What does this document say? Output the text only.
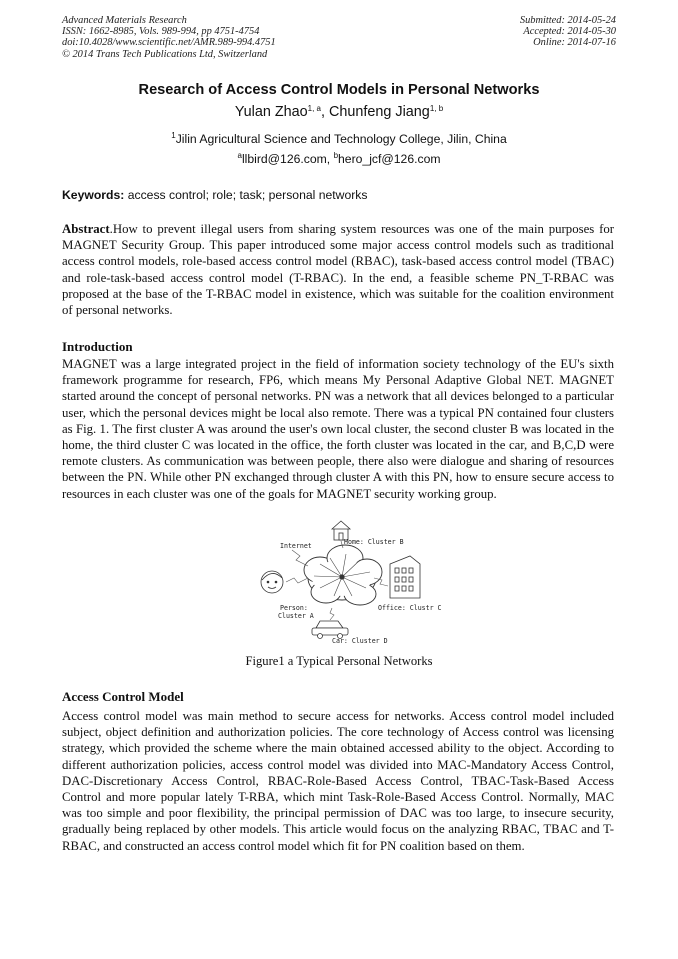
Advanced Materials Research
ISSN: 1662-8985, Vols. 989-994, pp 4751-4754
doi:10.4028/www.scientific.net/AMR.989-994.4751
© 2014 Trans Tech Publications Ltd, Switzerland
Submitted: 2014-05-24
Accepted: 2014-05-30
Online: 2014-07-16
Research of Access Control Models in Personal Networks
Yulan Zhao$^{1, a}$, Chunfeng Jiang$^{1, b}$
$^1$Jilin Agricultural Science and Technology College, Jilin, China
$^a$llbird@126.com, $^b$hero_jcf@126.com
Keywords: access control; role; task; personal networks

Abstract.How to prevent illegal users from sharing system resources was one of the main purposes for MAGNET Security Group. This paper introduced some major access control models such as traditional access control models, role-based access control model (RBAC), task-based access control model (TBAC) and role-task-based access control model (T-RBAC). In the end, a feasible scheme PN_T-RBAC was proposed at the base of the T-RBAC model in existence, which was suitable for the coalition environment of personal networks.

Introduction

MAGNET was a large integrated project in the field of information society technology of the EU's sixth framework programme for research, FP6, which means My Personal Adaptive Global NET. MAGNET started around the concept of personal networks. PN was a network that all devices belonged to a particular user, which the personal devices might be local also remote. There was a typical PN contained four clusters as Fig. 1. The first cluster A was around the user's own local cluster, the second cluster B was located in the home, the third cluster C was located in the office, the forth cluster was located in the car, and B,C,D were remote clusters. As communication was between people, there also were dialogue and sharing of resources between the PN. While other PN exchanged through cluster A with this PN, how to ensure secure access to resources in each cluster was one of the goals for MAGNET security working group.

Internet	Home: Cluster B
Person:
Cluster A
Office: Clustr C
Car: Cluster D
Figure1 a Typical Personal Networks
Access Control Model

Access control model was main method to secure access for networks. Access control model included subject, object definition and authorization policies. The core technology of Access control was licensing strategy, which provided the scheme where the main obtained accessed ability to the object. According to different authorization policies, access control model was divided into MAC-Mandatory Access Control, DAC-Discretionary Access Control, RBAC-Role-Based Access Control, TBAC-Task-Based Access Control and more popular lately T-RBA, which mint Task-Role-Based Access Control. Normally, MAC was too simple and poor flexibility, the principal permission of DAC was too large, to insecure security, gradually being replaced by other models. This article would focus on the analyzing RBAC, TBAC and T-RBAC, and constructed an access control model which fit for PN coalition based on them.
